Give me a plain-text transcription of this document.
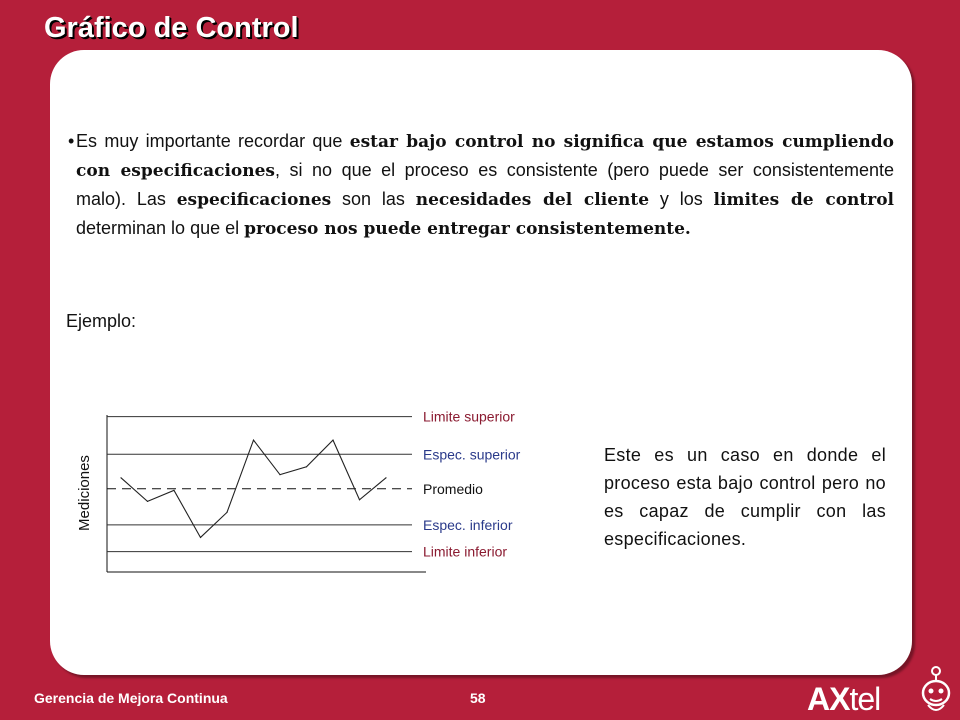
Gráfico de Control

• Es muy importante recordar que estar bajo control no significa que estamos cumpliendo con especificaciones, si no que el proceso es consistente (pero puede ser consistentemente malo). Las especificaciones son las necesidades del cliente y los limites de control determinan lo que el proceso nos puede entregar consistentemente.

Ejemplo:
Limite superior
Espec. superior
Promedio
Espec. inferior
Limite inferior
Mediciones

Este es un caso en donde el proceso esta bajo control pero no es capaz de cumplir con las especificaciones.

Gerencia de Mejora Continua	58	AXtel
